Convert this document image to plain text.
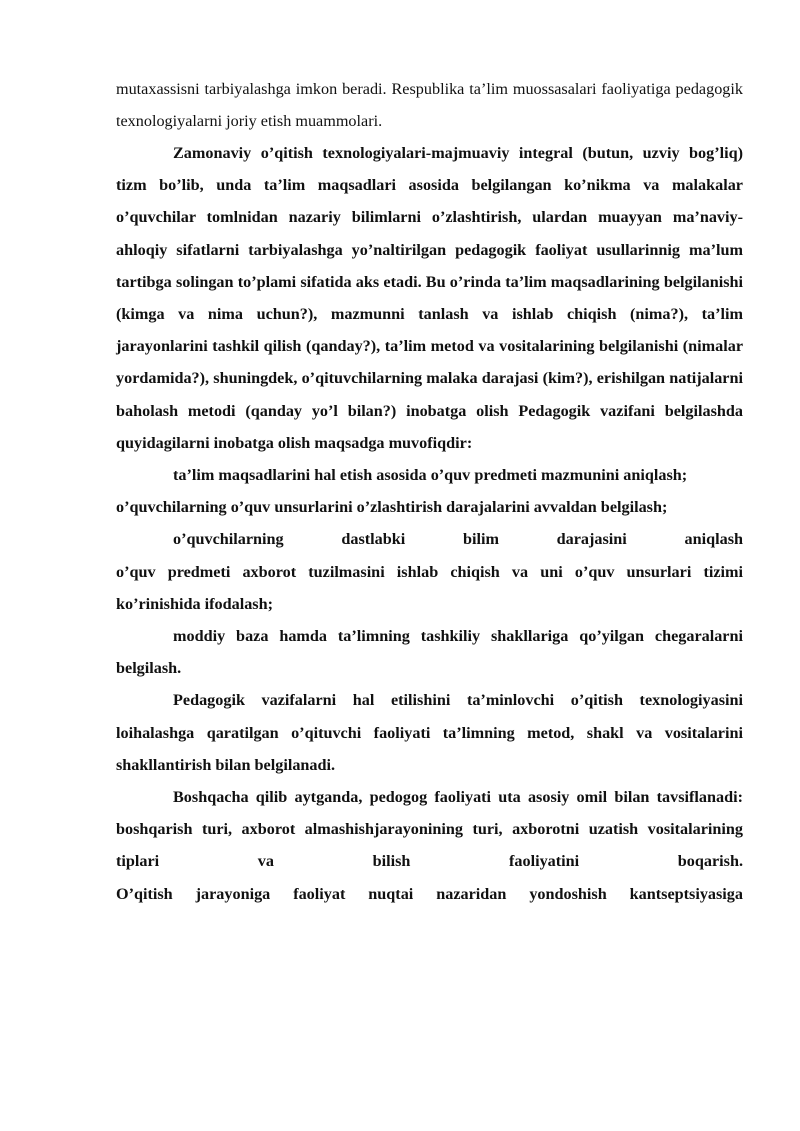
mutaxassisni tarbiyalashga imkon beradi. Respublika ta’lim muossasalari faoliyatiga pedagogik texnologiyalarni joriy etish muammolari.

Zamonaviy o’qitish texnologiyalari-majmuaviy integral (butun, uzviy bog’liq) tizm bo’lib, unda ta’lim maqsadlari asosida belgilangan ko’nikma va malakalar o’quvchilar tomlnidan nazariy bilimlarni o’zlashtirish, ulardan muayyan ma’naviy- ahloqiy sifatlarni tarbiyalashga yo’naltirilgan pedagogik faoliyat usullarinnig ma’lum tartibga solingan to’plami sifatida aks etadi. Bu o’rinda ta’lim maqsadlarining belgilanishi (kimga va nima uchun?), mazmunni tanlash va ishlab chiqish (nima?), ta’lim jarayonlarini tashkil qilish (qanday?), ta’lim metod va vositalarining belgilanishi (nimalar yordamida?), shuningdek, o’qituvchilarning malaka darajasi (kim?), erishilgan natijalarni baholash metodi (qanday yo’l bilan?) inobatga olish Pedagogik vazifani belgilashda quyidagilarni inobatga olish maqsadga muvofiqdir:

ta’lim maqsadlarini hal etish asosida o’quv predmeti mazmunini aniqlash;

o’quvchilarning o’quv unsurlarini o’zlashtirish darajalarini avvaldan belgilash;

o’quvchilarning dastlabki bilim darajasini aniqlash

o’quv predmeti axborot tuzilmasini ishlab chiqish va uni o’quv unsurlari tizimi ko’rinishida ifodalash;

moddiy baza hamda ta’limning tashkiliy shakllariga qo’yilgan chegaralarni belgilash.

Pedagogik vazifalarni hal etilishini ta’minlovchi o’qitish texnologiyasini loihalashga qaratilgan o’qituvchi faoliyati ta’limning metod, shakl va vositalarini shakllantirish bilan belgilanadi.

Boshqacha qilib aytganda, pedogog faoliyati uta asosiy omil bilan tavsiflanadi: boshqarish turi, axborot almashishjarayonining turi, axborotni uzatish vositalarining tiplari va bilish faoliyatini boqarish.

O’qitish jarayoniga faoliyat nuqtai nazaridan yondoshish kantseptsiyasiga
